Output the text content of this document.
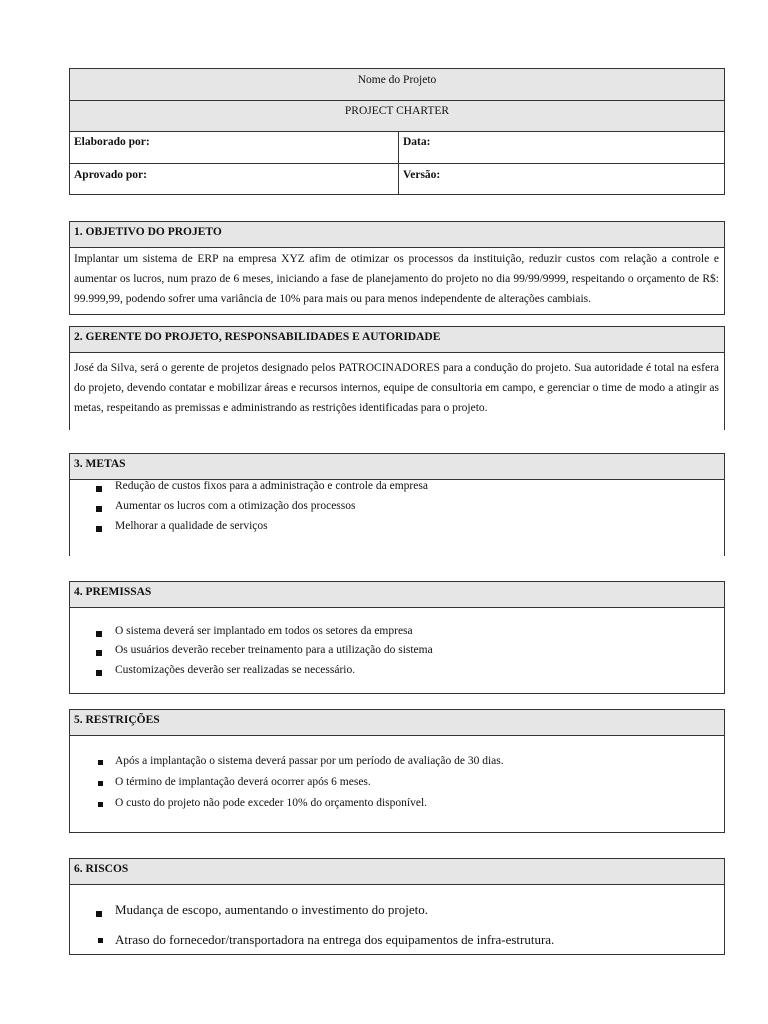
Nome do Projeto
PROJECT CHARTER
Elaborado por:	Data:
Aprovado por:	Versão:
1. OBJETIVO DO PROJETO
Implantar um sistema de ERP na empresa XYZ afim de otimizar os processos da instituição, reduzir custos com relação a controle e aumentar os lucros, num prazo de 6 meses, iniciando a fase de planejamento do projeto no dia 99/99/9999, respeitando o orçamento de R$: 99.999,99, podendo sofrer uma variância de 10% para mais ou para menos independente de alterações cambiais.
2. GERENTE DO PROJETO, RESPONSABILIDADES E AUTORIDADE
José da Silva, será o gerente de projetos designado pelos PATROCINADORES para a condução do projeto. Sua autoridade é total na esfera do projeto, devendo contatar e mobilizar áreas e recursos internos, equipe de consultoria em campo, e gerenciar o time de modo a atingir as metas, respeitando as premissas e administrando as restrições identificadas para o projeto.
3. METAS
Redução de custos fixos para a administração e controle da empresa
Aumentar os lucros com a otimização dos processos
Melhorar a qualidade de serviços
4. PREMISSAS
O sistema deverá ser implantado em todos os setores da empresa
Os usuários deverão receber treinamento para a utilização do sistema
Customizações deverão ser realizadas se necessário.
5. RESTRIÇÕES
Após a implantação o sistema deverá passar por um período de avaliação de 30 dias.
O término de implantação deverá ocorrer após 6 meses.
O custo do projeto não pode exceder 10% do orçamento disponível.
6. RISCOS
Mudança de escopo, aumentando o investimento do projeto.
Atraso do fornecedor/transportadora na entrega dos equipamentos de infra-estrutura.
